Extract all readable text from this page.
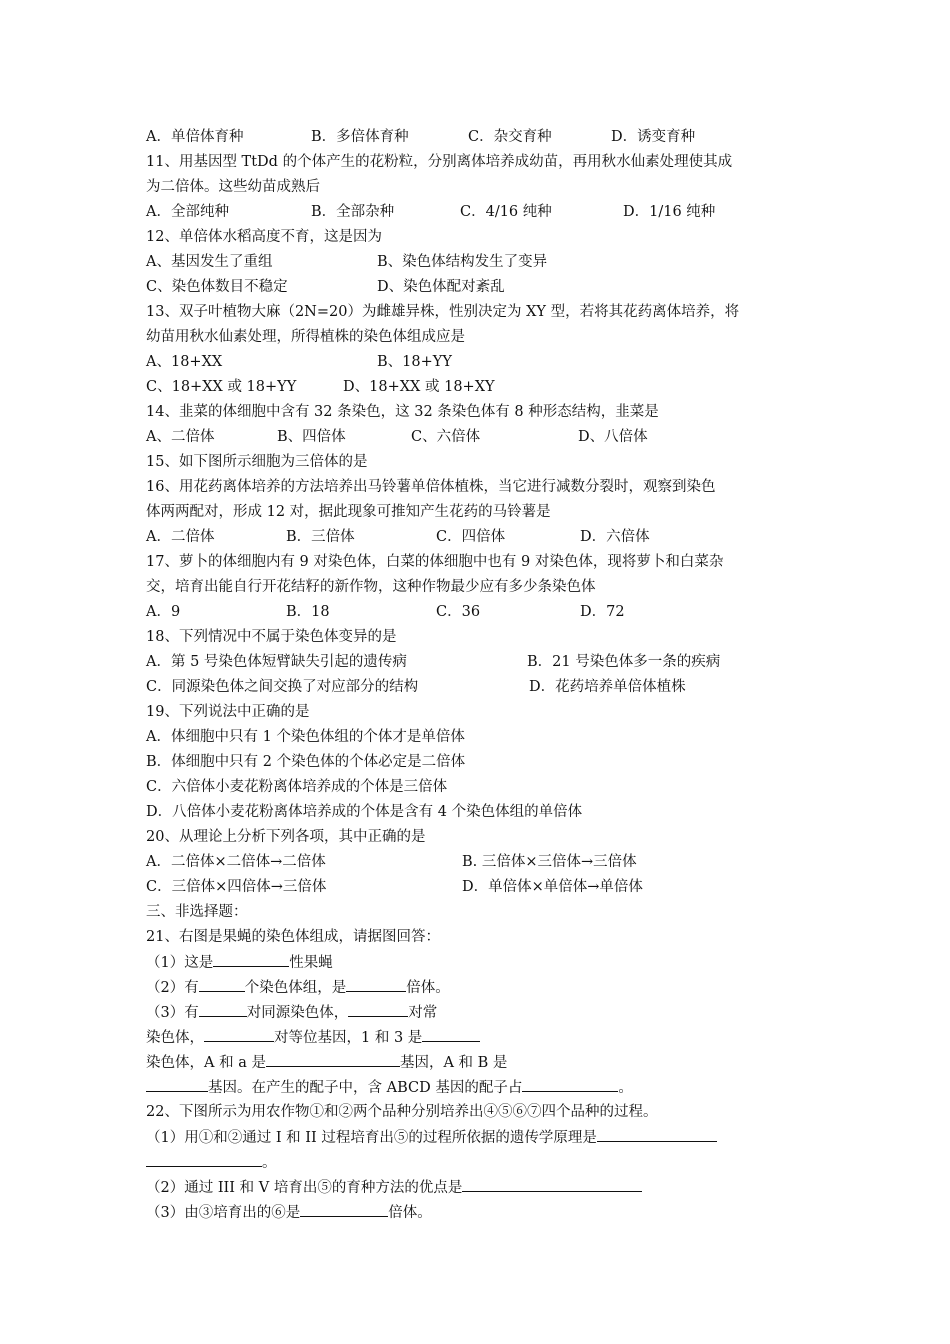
A．单倍体育种	B．多倍体育种	C．杂交育种	D．诱变育种
11、用基因型 TtDd 的个体产生的花粉粒，分别离体培养成幼苗，再用秋水仙素处理使其成
为二倍体。这些幼苗成熟后
A．全部纯种	B．全部杂种	C．4/16 纯种	D．1/16 纯种
12、单倍体水稻高度不育，这是因为
A、基因发生了重组	B、染色体结构发生了变异
C、染色体数目不稳定	D、染色体配对紊乱
13、双子叶植物大麻（2N=20）为雌雄异株，性别决定为 XY 型，若将其花药离体培养，将
幼苗用秋水仙素处理，所得植株的染色体组成应是
A、18+XX	B、18+YY
C、18+XX 或 18+YY	D、18+XX 或 18+XY
14、韭菜的体细胞中含有 32 条染色，这 32 条染色体有 8 种形态结构，韭菜是
A、二倍体	B、四倍体	C、六倍体	D、八倍体
15、如下图所示细胞为三倍体的是
16、用花药离体培养的方法培养出马铃薯单倍体植株，当它进行减数分裂时，观察到染色
体两两配对，形成 12 对，据此现象可推知产生花药的马铃薯是
A．二倍体	B．三倍体	C．四倍体	D．六倍体
17、萝卜的体细胞内有 9 对染色体，白菜的体细胞中也有 9 对染色体，现将萝卜和白菜杂
交，培育出能自行开花结籽的新作物，这种作物最少应有多少条染色体
A．9	B．18	C．36	D．72
18、下列情况中不属于染色体变异的是
A．第 5 号染色体短臂缺失引起的遗传病	B．21 号染色体多一条的疾病
C．同源染色体之间交换了对应部分的结构	D．花药培养单倍体植株
19、下列说法中正确的是
A．体细胞中只有 1 个染色体组的个体才是单倍体
B．体细胞中只有 2 个染色体的个体必定是二倍体
C．六倍体小麦花粉离体培养成的个体是三倍体
D．八倍体小麦花粉离体培养成的个体是含有 4 个染色体组的单倍体
20、从理论上分析下列各项，其中正确的是
A．二倍体×二倍体→二倍体	B. 三倍体×三倍体→三倍体
C．三倍体×四倍体→三倍体	D．单倍体×单倍体→单倍体
三、非选择题：
21、右图是果蝇的染色体组成，请据图回答：
（1）这是	性果蝇
（2）有	个染色体组，是	倍体。
（3）有	对同源染色体，	对常
染色体，	对等位基因，1 和 3 是
染色体，A 和 a 是	基因，A 和 B 是
基因。在产生的配子中，含 ABCD 基因的配子占	。
22、下图所示为用农作物①和②两个品种分别培养出④⑤⑥⑦四个品种的过程。
（1）用①和②通过 I 和 II 过程培育出⑤的过程所依据的遗传学原理是
。
（2）通过 III 和 V 培育出⑤的育种方法的优点是
（3）由③培育出的⑥是	倍体。
